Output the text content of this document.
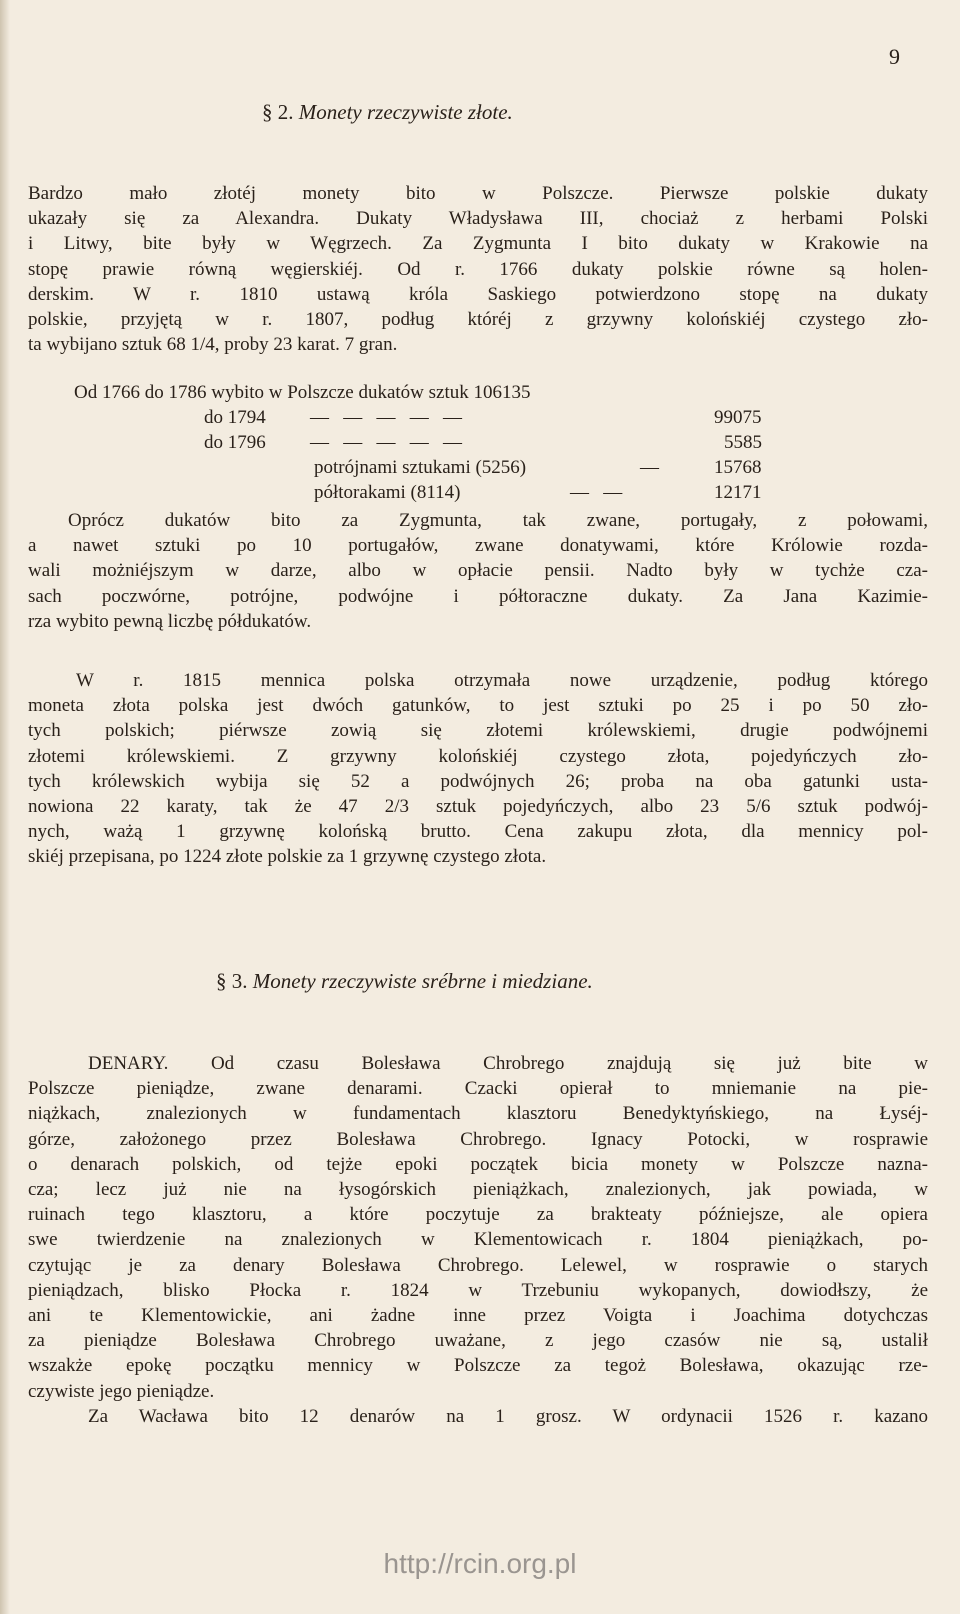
9
§ 2. Monety rzeczywiste złote.
Bardzo mało złotéj monety bito w Polszcze. Pierwsze polskie dukaty
ukazały się za Alexandra. Dukaty Władysława III, chociaż z herbami Polski
i Litwy, bite były w Węgrzech. Za Zygmunta I bito dukaty w Krakowie na
stopę prawie równą węgierskiéj. Od r. 1766 dukaty polskie równe są holen-
derskim. W r. 1810 ustawą króla Saskiego potwierdzono stopę na dukaty
polskie, przyjętą w r. 1807, podług któréj z grzywny kolońskiéj czystego zło-
ta wybijano sztuk 68 1/4, proby 23 karat. 7 gran.
Od 1766 do 1786 wybito w Polszcze dukatów sztuk 106135
do 1794 —   —   —   —   —	99075
do 1796 —   —   —   —   —	5585
potrójnami sztukami (5256)	—	15768
półtorakami (8114)	—   —	12171
Oprócz dukatów bito za Zygmunta, tak zwane, portugały, z połowami,
a nawet sztuki po 10 portugałów, zwane donatywami, które Królowie rozda-
wali możniéjszym w darze, albo w opłacie pensii. Nadto były w tychże cza-
sach poczwórne, potrójne, podwójne i półtoraczne dukaty. Za Jana Kazimie-
rza wybito pewną liczbę półdukatów.
W r. 1815 mennica polska otrzymała nowe urządzenie, podług którego
moneta złota polska jest dwóch gatunków, to jest sztuki po 25 i po 50 zło-
tych polskich; piérwsze zowią się złotemi królewskiemi, drugie podwójnemi
złotemi królewskiemi. Z grzywny kolońskiéj czystego złota, pojedyńczych zło-
tych królewskich wybija się 52 a podwójnych 26; proba na oba gatunki usta-
nowiona 22 karaty, tak że 47 2/3 sztuk pojedyńczych, albo 23 5/6 sztuk podwój-
nych, ważą 1 grzywnę kolońską brutto. Cena zakupu złota, dla mennicy pol-
skiéj przepisana, po 1224 złote polskie za 1 grzywnę czystego złota.
§ 3. Monety rzeczywiste srébrne i miedziane.
DENARY. Od czasu Bolesława Chrobrego znajdują się już bite w
Polszcze pieniądze, zwane denarami. Czacki opierał to mniemanie na pie-
niążkach, znalezionych w fundamentach klasztoru Benedyktyńskiego, na Łyséj-
górze, założonego przez Bolesława Chrobrego. Ignacy Potocki, w rosprawie
o denarach polskich, od tejże epoki początek bicia monety w Polszcze nazna-
cza; lecz już nie na łysogórskich pieniążkach, znalezionych, jak powiada, w
ruinach tego klasztoru, a które poczytuje za brakteaty późniejsze, ale opiera
swe twierdzenie na znalezionych w Klementowicach r. 1804 pieniążkach, po-
czytując je za denary Bolesława Chrobrego. Lelewel, w rosprawie o starych
pieniądzach, blisko Płocka r. 1824 w Trzebuniu wykopanych, dowiodłszy, że
ani te Klementowickie, ani żadne inne przez Voigta i Joachima dotychczas
za pieniądze Bolesława Chrobrego uważane, z jego czasów nie są, ustalił
wszakże epokę początku mennicy w Polszcze za tegoż Bolesława, okazując rze-
czywiste jego pieniądze.
Za Wacława bito 12 denarów na 1 grosz. W ordynacii 1526 r. kazano
http://rcin.org.pl
